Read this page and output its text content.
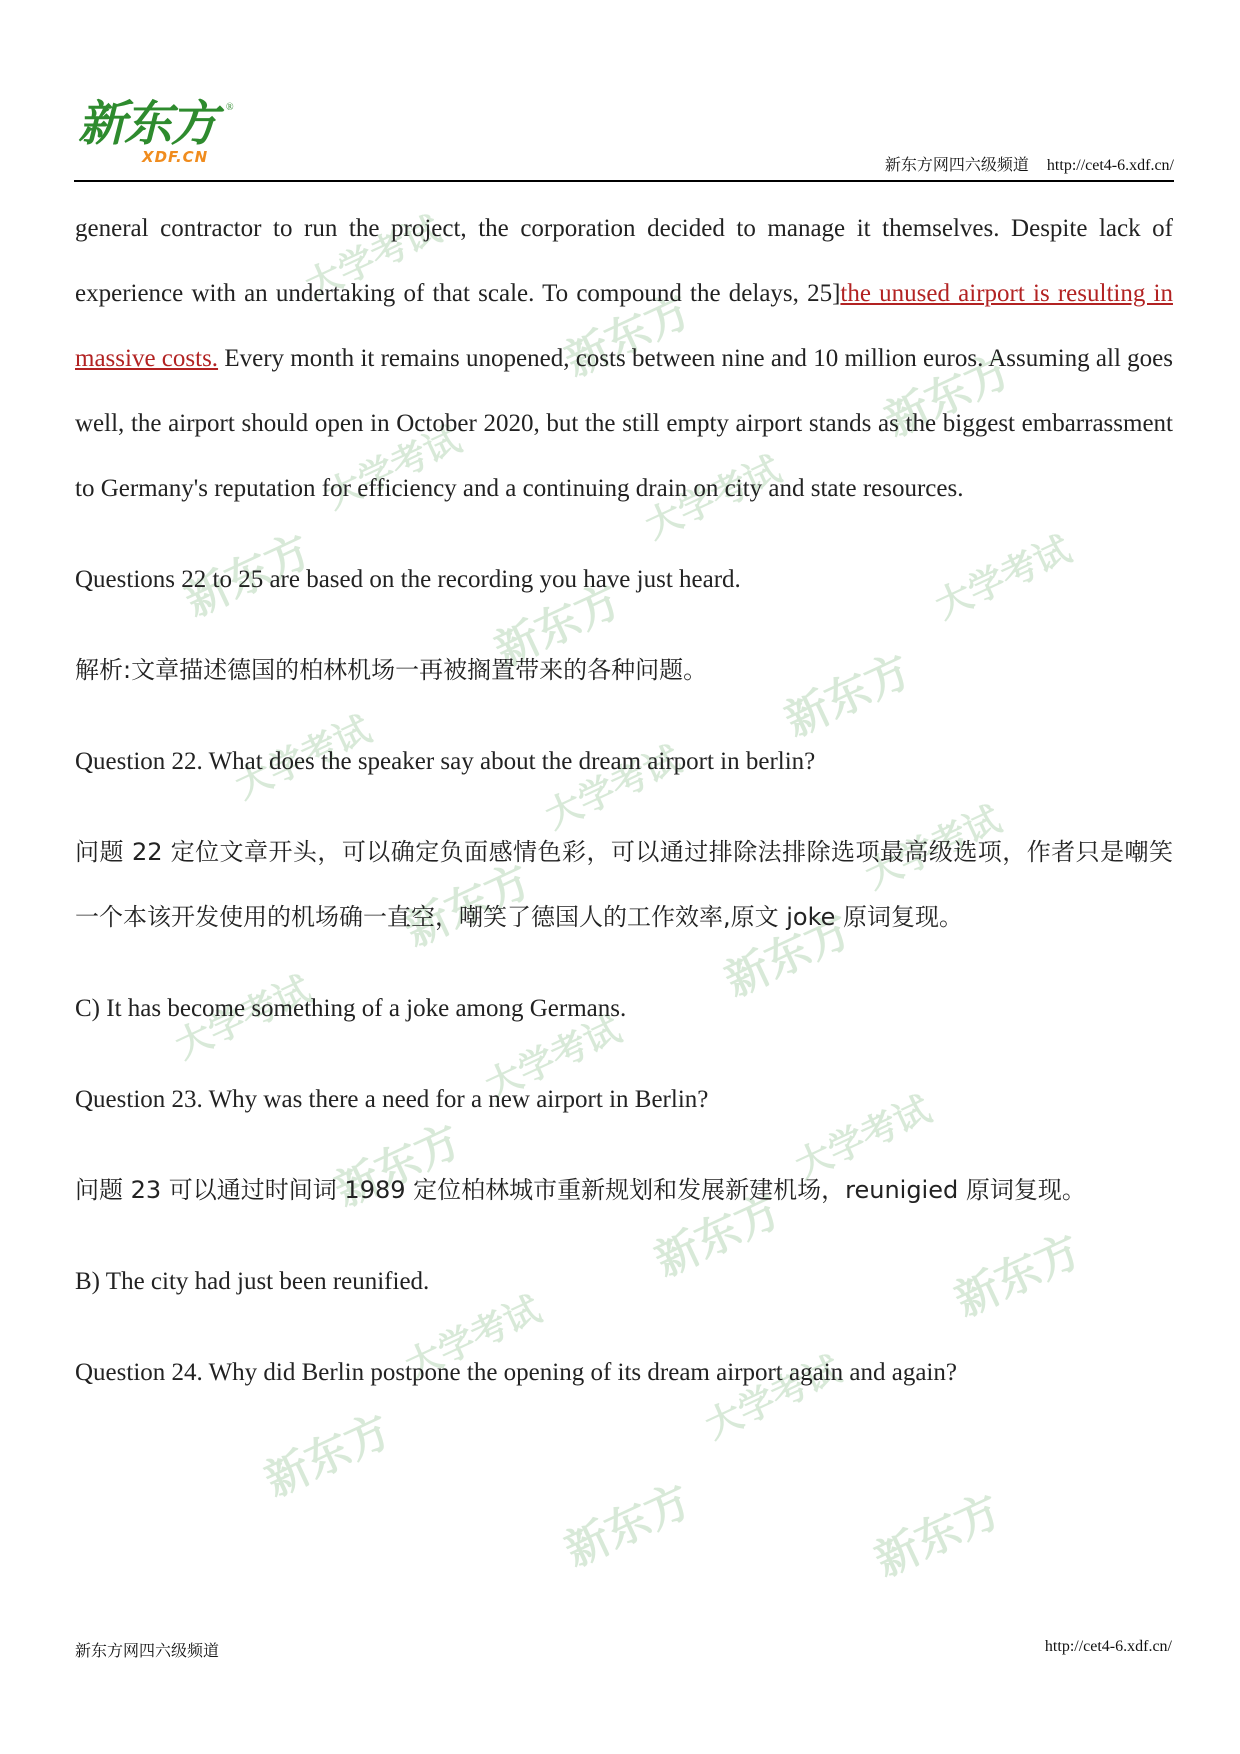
新东方
XDF.CN
®
新东方网四六级频道 http://cet4-6.xdf.cn/
大学考试
新东方
新东方
大学考试	大学考试
新东方	新东方	大学考试
新东方
大学考试	大学考试
大学考试
新东方	新东方
大学考试	大学考试
新东方	大学考试
新东方	新东方
大学考试
大学考试
新东方
新东方	新东方

general contractor to run the project, the corporation decided to manage it themselves. Despite lack of experience with an undertaking of that scale. To compound the delays, 25]the unused airport is resulting in massive costs. Every month it remains unopened, costs between nine and 10 million euros. Assuming all goes well, the airport should open in October 2020, but the still empty airport stands as the biggest embarrassment to Germany's reputation for efficiency and a continuing drain on city and state resources.

Questions 22 to 25 are based on the recording you have just heard.

解析:文章描述德国的柏林机场一再被搁置带来的各种问题。

Question 22. What does the speaker say about the dream airport in berlin?

问题 22 定位文章开头，可以确定负面感情色彩，可以通过排除法排除选项最高级选项，作者只是嘲笑一个本该开发使用的机场确一直空，嘲笑了德国人的工作效率,原文 joke 原词复现。

C) It has become something of a joke among Germans.

Question 23. Why was there a need for a new airport in Berlin?

问题 23 可以通过时间词 1989 定位柏林城市重新规划和发展新建机场，reunigied 原词复现。

B) The city had just been reunified.

Question 24. Why did Berlin postpone the opening of its dream airport again and again?

新东方网四六级频道	http://cet4-6.xdf.cn/
